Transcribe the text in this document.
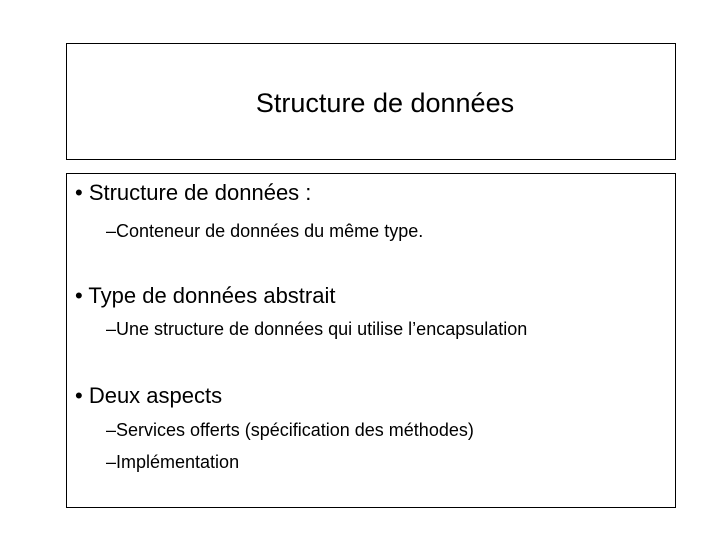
Structure de données
• Structure de données :
–Conteneur de données du même type.
• Type de données abstrait
–Une structure de données qui utilise l’encapsulation
• Deux aspects
–Services offerts (spécification des méthodes)
–Implémentation
